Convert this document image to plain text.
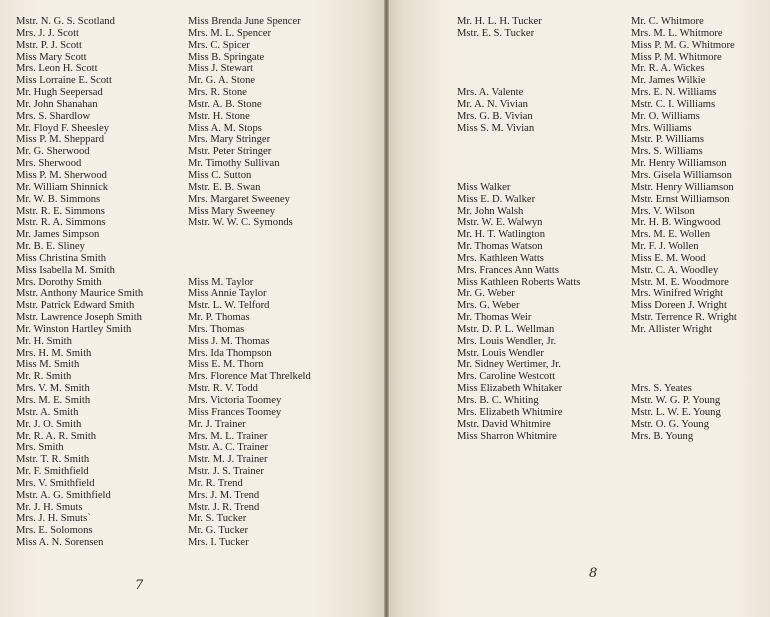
Mstr. N. G. S. Scotland
Mrs. J. J. Scott
Mstr. P. J. Scott
Miss Mary Scott
Mrs. Leon H. Scott
Miss Lorraine E. Scott
Mr. Hugh Seepersad
Mr. John Shanahan
Mrs. S. Shardlow
Mr. Floyd F. Sheesley
Miss P. M. Sheppard
Mr. G. Sherwood
Mrs. Sherwood
Miss P. M. Sherwood
Mr. William Shinnick
Mr. W. B. Simmons
Mstr. R. E. Simmons
Mstr. R. A. Simmons
Mr. James Simpson
Mr. B. E. Sliney
Miss Christina Smith
Miss Isabella M. Smith
Mrs. Dorothy Smith
Mstr. Anthony Maurice Smith
Mstr. Patrick Edward Smith
Mstr. Lawrence Joseph Smith
Mr. Winston Hartley Smith
Mr. H. Smith
Mrs. H. M. Smith
Miss M. Smith
Mr. R. Smith
Mrs. V. M. Smith
Mrs. M. E. Smith
Mstr. A. Smith
Mr. J. O. Smith
Mr. R. A. R. Smith
Mrs. Smith
Mstr. T. R. Smith
Mr. F. Smithfield
Mrs. V. Smithfield
Mstr. A. G. Smithfield
Mr. J. H. Smuts
Mrs. J. H. Smuts`
Mrs. E. Solomons
Miss A. N. Sorensen
Miss Brenda June Spencer
Mrs. M. L. Spencer
Mrs. C. Spicer
Miss B. Springate
Miss J. Stewart
Mr. G. A. Stone
Mrs. R. Stone
Mstr. A. B. Stone
Mstr. H. Stone
Miss A. M. Stops
Mrs. Mary Stringer
Mstr. Peter Stringer
Mr. Timothy Sullivan
Miss C. Sutton
Mstr. E. B. Swan
Mrs. Margaret Sweeney
Miss Mary Sweeney
Mstr. W. W. C. Symonds
Miss M. Taylor
Miss Annie Taylor
Mstr. L. W. Telford
Mr. P. Thomas
Mrs. Thomas
Miss J. M. Thomas
Mrs. Ida Thompson
Miss E. M. Thorn
Mrs. Florence Mat Threlkeld
Mstr. R. V. Todd
Mrs. Victoria Toomey
Miss Frances Toomey
Mr. J. Trainer
Mrs. M. L. Trainer
Mstr. A. C. Trainer
Mstr. M. J. Trainer
Mstr. J. S. Trainer
Mr. R. Trend
Mrs. J. M. Trend
Mstr. J. R. Trend
Mr. S. Tucker
Mr. G. Tucker
Mrs. I. Tucker
7
Mr. H. L. H. Tucker
Mstr. E. S. Tucker
Mrs. A. Valente
Mr. A. N. Vivian
Mrs. G. B. Vivian
Miss S. M. Vivian
Miss Walker
Miss E. D. Walker
Mr. John Walsh
Mstr. W. E. Walwyn
Mr. H. T. Watlington
Mr. Thomas Watson
Mrs. Kathleen Watts
Mrs. Frances Ann Watts
Miss Kathleen Roberts Watts
Mr. G. Weber
Mrs. G. Weber
Mr. Thomas Weir
Mstr. D. P. L. Wellman
Mrs. Louis Wendler, Jr.
Mstr. Louis Wendler
Mr. Sidney Wertimer, Jr.
Mrs. Caroline Westcott
Miss Elizabeth Whitaker
Mrs. B. C. Whiting
Mrs. Elizabeth Whitmire
Mstr. David Whitmire
Miss Sharron Whitmire
Mr. C. Whitmore
Mrs. M. L. Whitmore
Miss P. M. G. Whitmore
Miss P. M. Whitmore
Mr. R. A. Wickes
Mr. James Wilkie
Mrs. E. N. Williams
Mstr. C. I. Williams
Mr. O. Williams
Mrs. Williams
Mstr. P. Williams
Mrs. S. Williams
Mr. Henry Williamson
Mrs. Gisela Williamson
Mstr. Henry Williamson
Mstr. Ernst Williamson
Mrs. V. Wilson
Mr. H. B. Wingwood
Mrs. M. E. Wollen
Mr. F. J. Wollen
Miss E. M. Wood
Mstr. C. A. Woodley
Mstr. M. E. Woodmore
Mrs. Winifred Wright
Miss Doreen J. Wright
Mstr. Terrence R. Wright
Mr. Allister Wright
Mrs. S. Yeates
Mstr. W. G. P. Young
Mstr. L. W. E. Young
Mstr. O. G. Young
Mrs. B. Young
8
